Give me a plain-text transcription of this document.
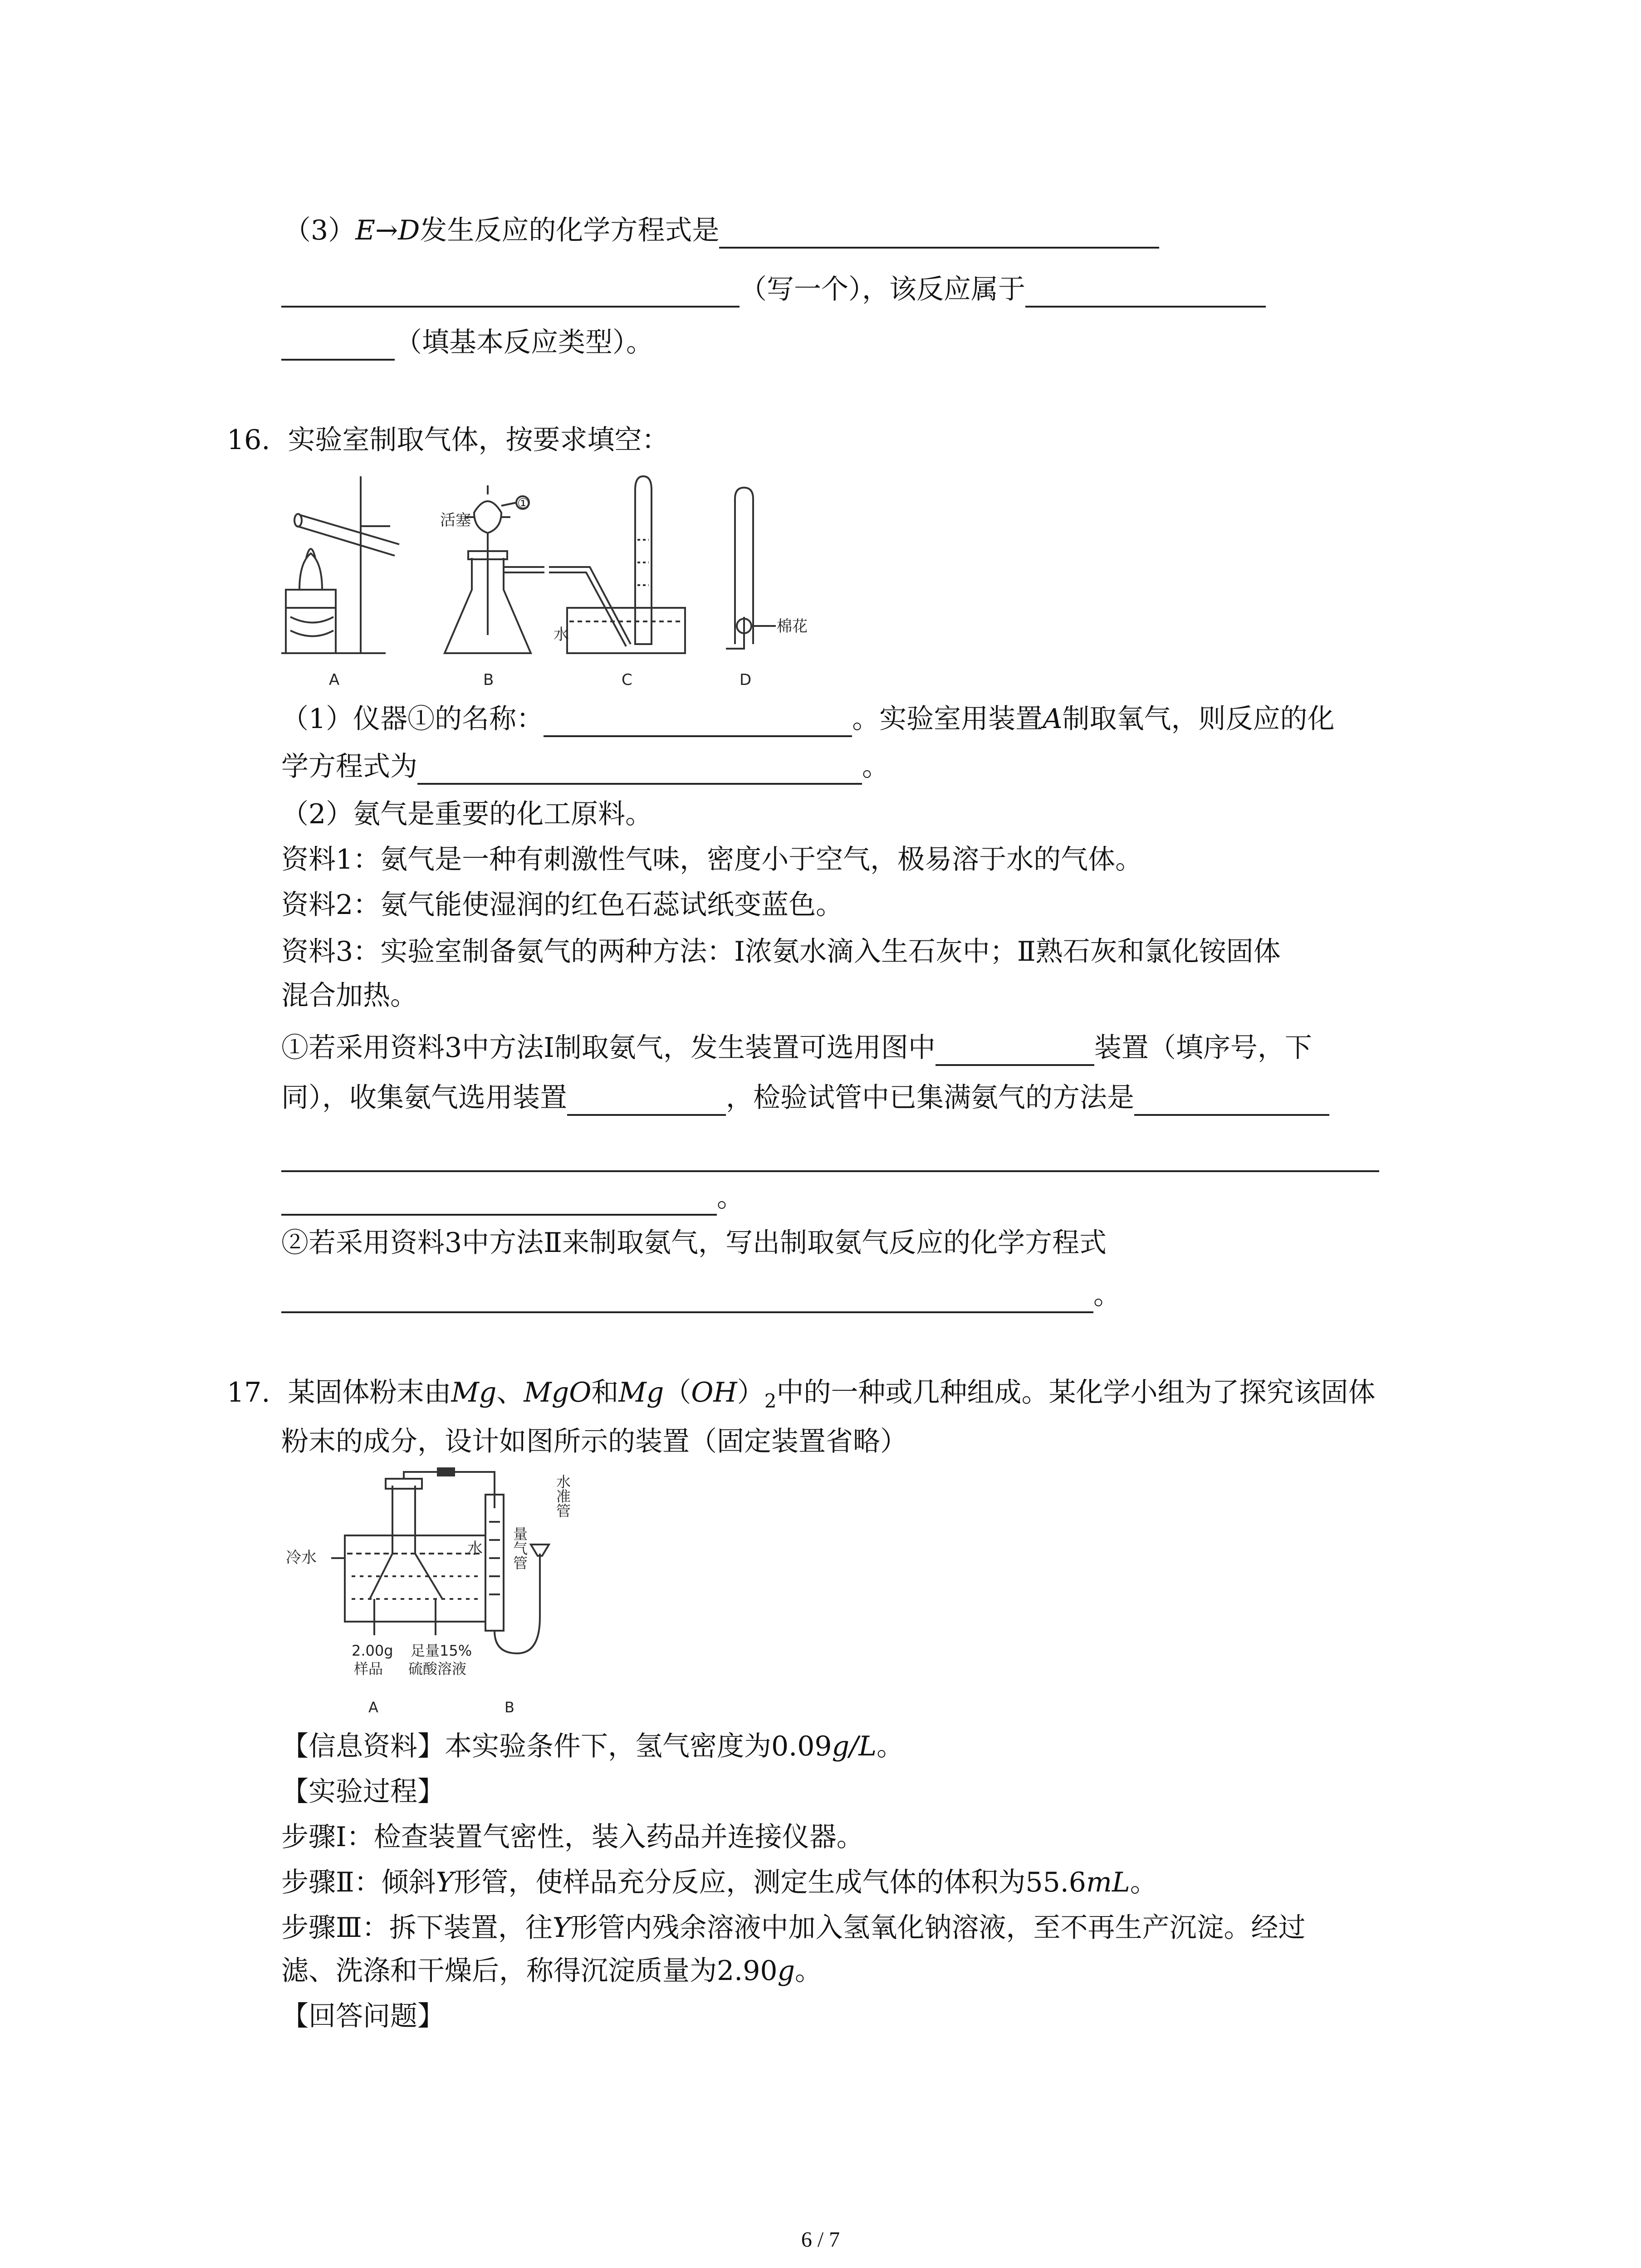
（3）E→D发生反应的化学方程式是
（写一个），该反应属于
（填基本反应类型）。
16. 实验室制取气体，按要求填空：
活塞
①
水	棉花
A	B	C	D
（1）仪器①的名称：	。实验室用装置A制取氧气，则反应的化
学方程式为	。
（2）氨气是重要的化工原料。
资料1：氨气是一种有刺激性气味，密度小于空气，极易溶于水的气体。
资料2：氨气能使湿润的红色石蕊试纸变蓝色。
资料3：实验室制备氨气的两种方法：Ⅰ浓氨水滴入生石灰中；Ⅱ熟石灰和氯化铵固体
混合加热。
①若采用资料3中方法Ⅰ制取氨气，发生装置可选用图中	装置（填序号，下
同），收集氨气选用装置	，检验试管中已集满氨气的方法是
。
②若采用资料3中方法Ⅱ来制取氨气，写出制取氨气反应的化学方程式
。
17. 某固体粉末由Mg、MgO和$Mg(OH)_2$中的一种或几种组成。某化学小组为了探究该固体
粉末的成分，设计如图所示的装置（固定装置省略）
冷水	水
2.00g
样品
足量15%
硫酸溶液
A	B
量气管
水准管
【信息资料】本实验条件下，氢气密度为0.09g/L。
【实验过程】
步骤Ⅰ：检查装置气密性，装入药品并连接仪器。
步骤Ⅱ：倾斜Y形管，使样品充分反应，测定生成气体的体积为55.6mL。
步骤Ⅲ：拆下装置，往Y形管内残余溶液中加入氢氧化钠溶液，至不再生产沉淀。经过
滤、洗涤和干燥后，称得沉淀质量为2.90g。
【回答问题】
6 / 7
